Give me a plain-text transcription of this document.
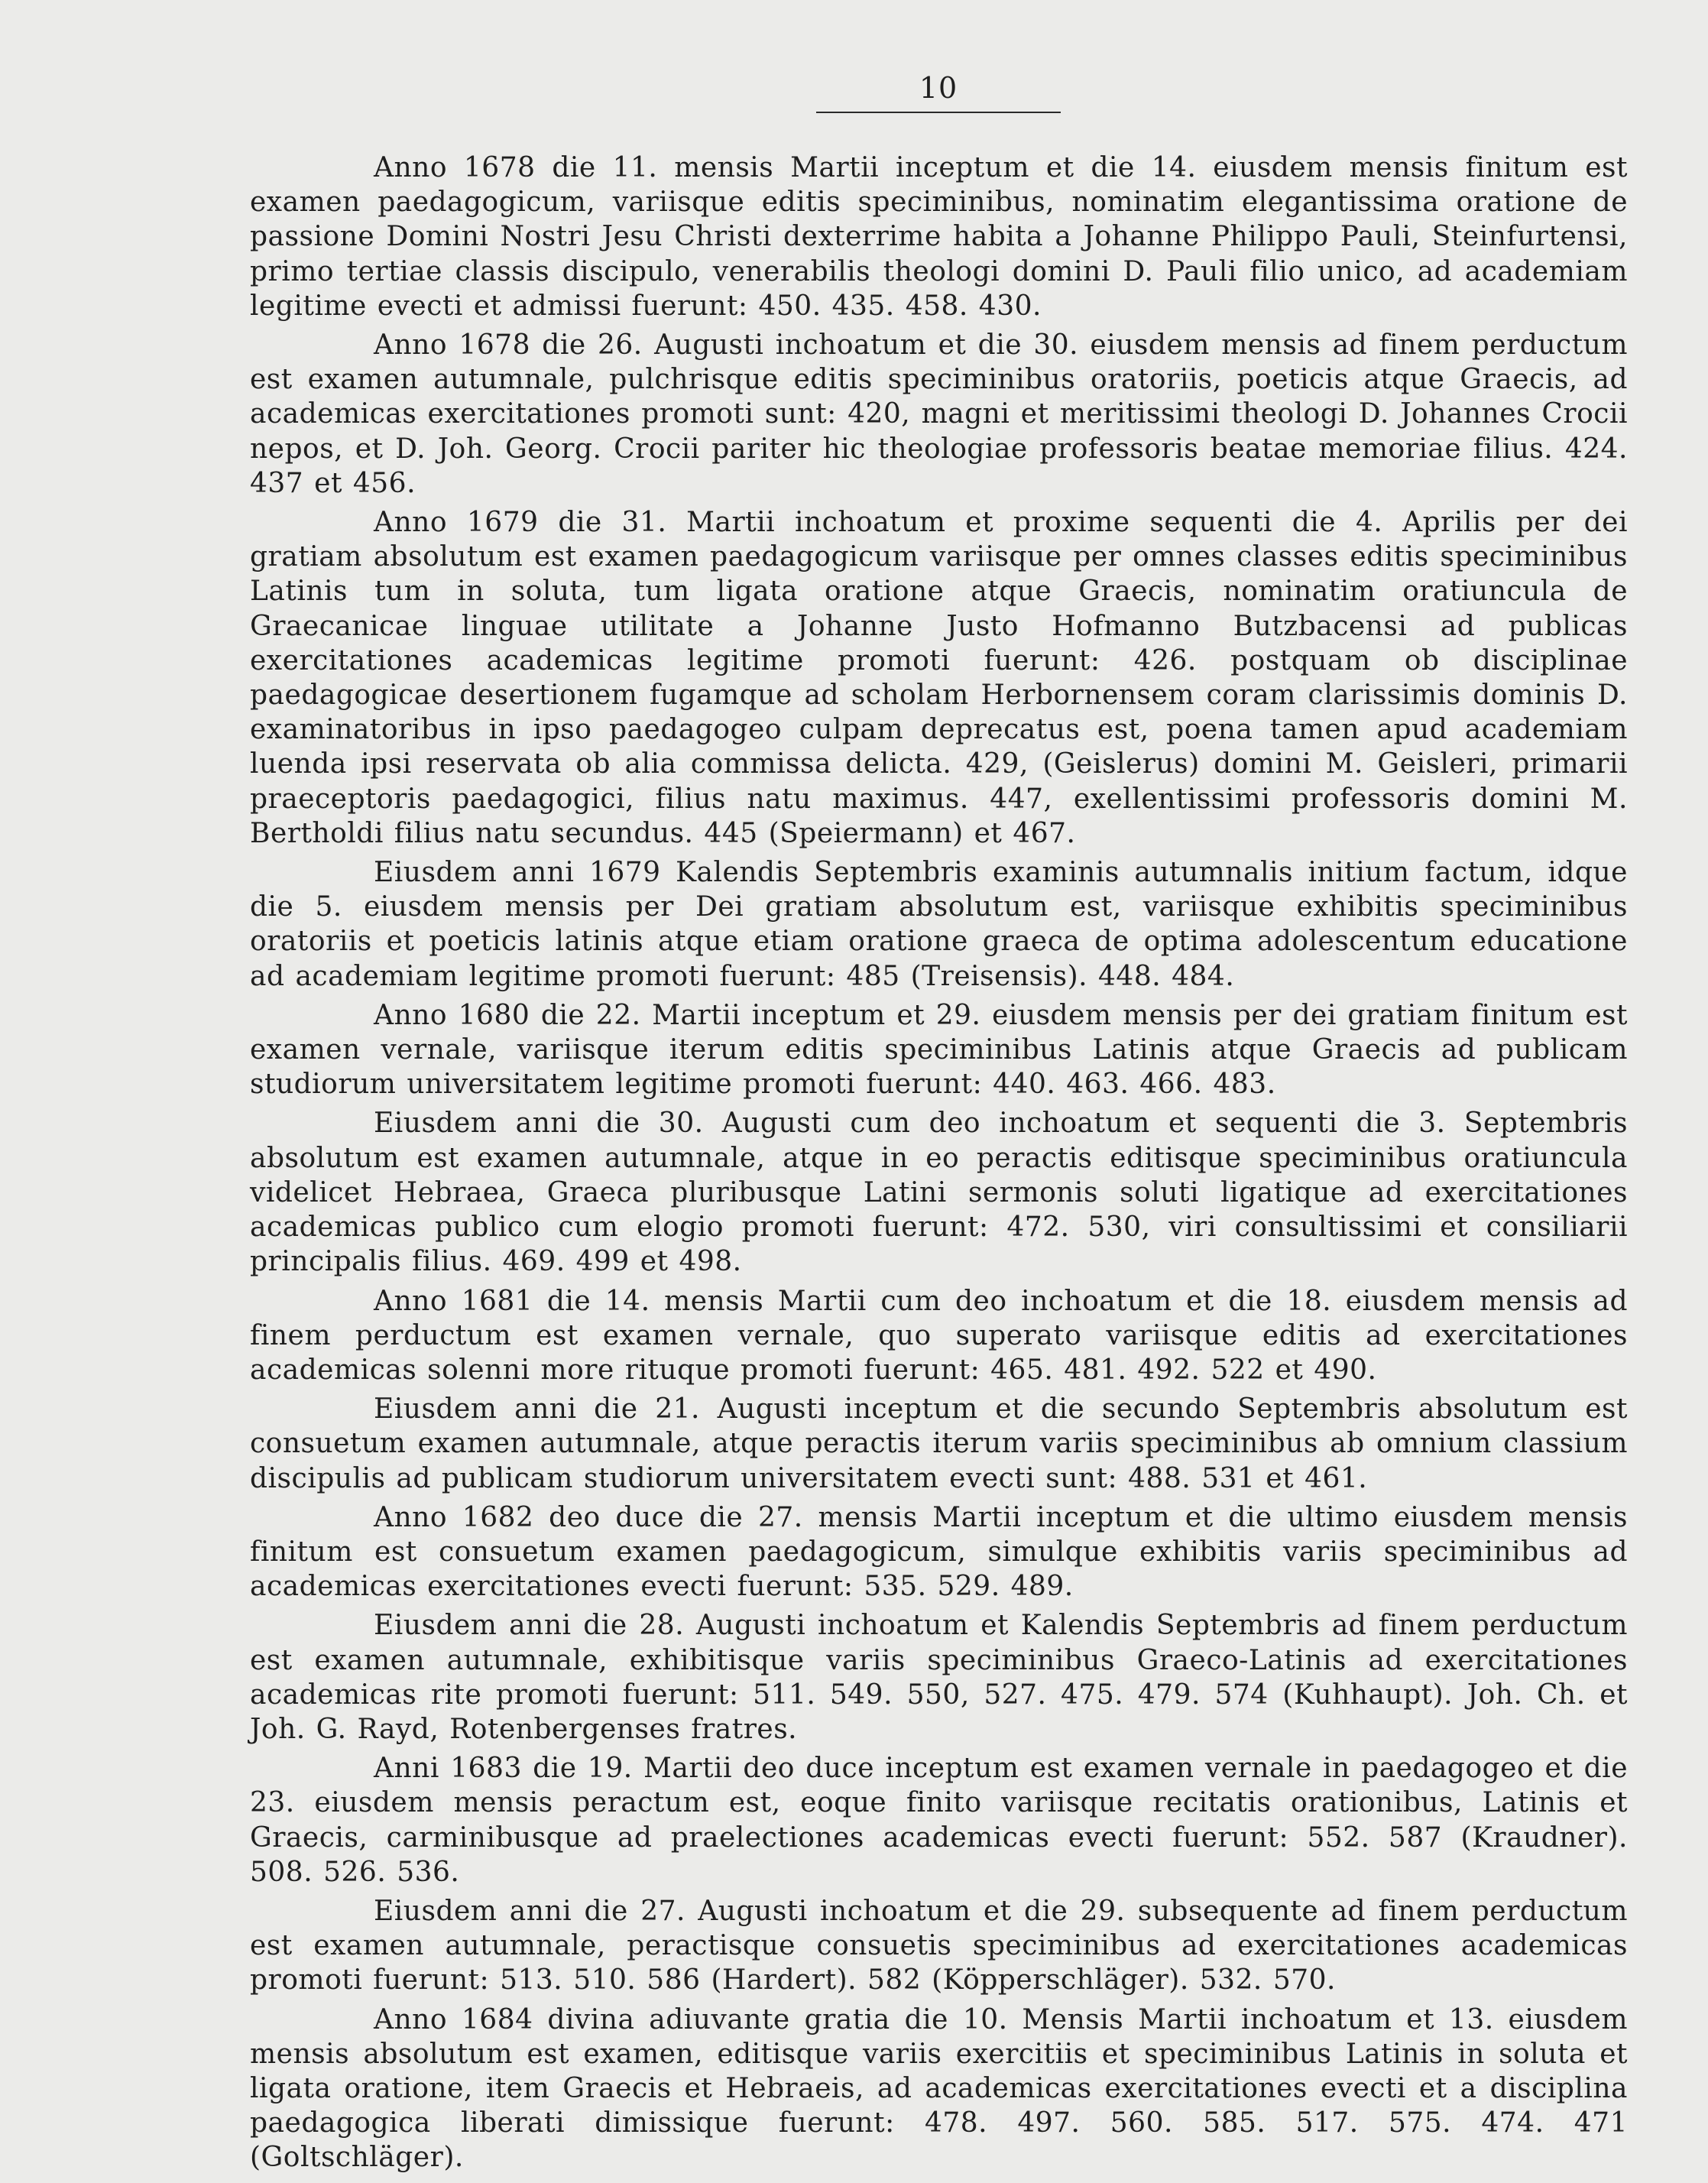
10

Anno 1678 die 11. mensis Martii inceptum et die 14. eiusdem mensis finitum est examen paedagogicum, variisque editis speciminibus, nominatim elegantissima oratione de passione Domini Nostri Jesu Christi dexterrime habita a Johanne Philippo Pauli, Steinfurtensi, primo tertiae classis discipulo, venerabilis theologi domini D. Pauli filio unico, ad academiam legitime evecti et admissi fuerunt: 450. 435. 458. 430.

Anno 1678 die 26. Augusti inchoatum et die 30. eiusdem mensis ad finem perductum est examen autumnale, pulchrisque editis speciminibus oratoriis, poeticis atque Graecis, ad academicas exercitationes promoti sunt: 420, magni et meritissimi theologi D. Johannes Crocii nepos, et D. Joh. Georg. Crocii pariter hic theologiae professoris beatae memoriae filius. 424. 437 et 456.

Anno 1679 die 31. Martii inchoatum et proxime sequenti die 4. Aprilis per dei gratiam absolutum est examen paedagogicum variisque per omnes classes editis speciminibus Latinis tum in soluta, tum ligata oratione atque Graecis, nominatim oratiuncula de Graecanicae linguae utilitate a Johanne Justo Hofmanno Butzbacensi ad publicas exercitationes academicas legitime promoti fuerunt: 426. postquam ob disciplinae paedagogicae desertionem fugamque ad scholam Herbornensem coram clarissimis dominis D. examinatoribus in ipso paedagogeo culpam deprecatus est, poena tamen apud academiam luenda ipsi reservata ob alia commissa delicta. 429, (Geislerus) domini M. Geisleri, primarii praeceptoris paedagogici, filius natu maximus. 447, exellentissimi professoris domini M. Bertholdi filius natu secundus. 445 (Speiermann) et 467.

Eiusdem anni 1679 Kalendis Septembris examinis autumnalis initium factum, idque die 5. eiusdem mensis per Dei gratiam absolutum est, variisque exhibitis speciminibus oratoriis et poeticis latinis atque etiam oratione graeca de optima adolescentum educatione ad academiam legitime promoti fuerunt: 485 (Treisensis). 448. 484.

Anno 1680 die 22. Martii inceptum et 29. eiusdem mensis per dei gratiam finitum est examen vernale, variisque iterum editis speciminibus Latinis atque Graecis ad publicam studiorum universitatem legitime promoti fuerunt: 440. 463. 466. 483.

Eiusdem anni die 30. Augusti cum deo inchoatum et sequenti die 3. Septembris absolutum est examen autumnale, atque in eo peractis editisque speciminibus oratiuncula videlicet Hebraea, Graeca pluribusque Latini sermonis soluti ligatique ad exercitationes academicas publico cum elogio promoti fuerunt: 472. 530, viri consultissimi et consiliarii principalis filius. 469. 499 et 498.

Anno 1681 die 14. mensis Martii cum deo inchoatum et die 18. eiusdem mensis ad finem perductum est examen vernale, quo superato variisque editis ad exercitationes academicas solenni more rituque promoti fuerunt: 465. 481. 492. 522 et 490.

Eiusdem anni die 21. Augusti inceptum et die secundo Septembris absolutum est consuetum examen autumnale, atque peractis iterum variis speciminibus ab omnium classium discipulis ad publicam studiorum universitatem evecti sunt: 488. 531 et 461.

Anno 1682 deo duce die 27. mensis Martii inceptum et die ultimo eiusdem mensis finitum est consuetum examen paedagogicum, simulque exhibitis variis speciminibus ad academicas exercitationes evecti fuerunt: 535. 529. 489.

Eiusdem anni die 28. Augusti inchoatum et Kalendis Septembris ad finem perductum est examen autumnale, exhibitisque variis speciminibus Graeco-Latinis ad exercitationes academicas rite promoti fuerunt: 511. 549. 550, 527. 475. 479. 574 (Kuhhaupt). Joh. Ch. et Joh. G. Rayd, Rotenbergenses fratres.

Anni 1683 die 19. Martii deo duce inceptum est examen vernale in paedagogeo et die 23. eiusdem mensis peractum est, eoque finito variisque recitatis orationibus, Latinis et Graecis, carminibusque ad praelectiones academicas evecti fuerunt: 552. 587 (Kraudner). 508. 526. 536.

Eiusdem anni die 27. Augusti inchoatum et die 29. subsequente ad finem perductum est examen autumnale, peractisque consuetis speciminibus ad exercitationes academicas promoti fuerunt: 513. 510. 586 (Hardert). 582 (Köpperschläger). 532. 570.

Anno 1684 divina adiuvante gratia die 10. Mensis Martii inchoatum et 13. eiusdem mensis absolutum est examen, editisque variis exercitiis et speciminibus Latinis in soluta et ligata oratione, item Graecis et Hebraeis, ad academicas exercitationes evecti et a disciplina paedagogica liberati dimissique fuerunt: 478. 497. 560. 585. 517. 575. 474. 471 (Goltschläger).
